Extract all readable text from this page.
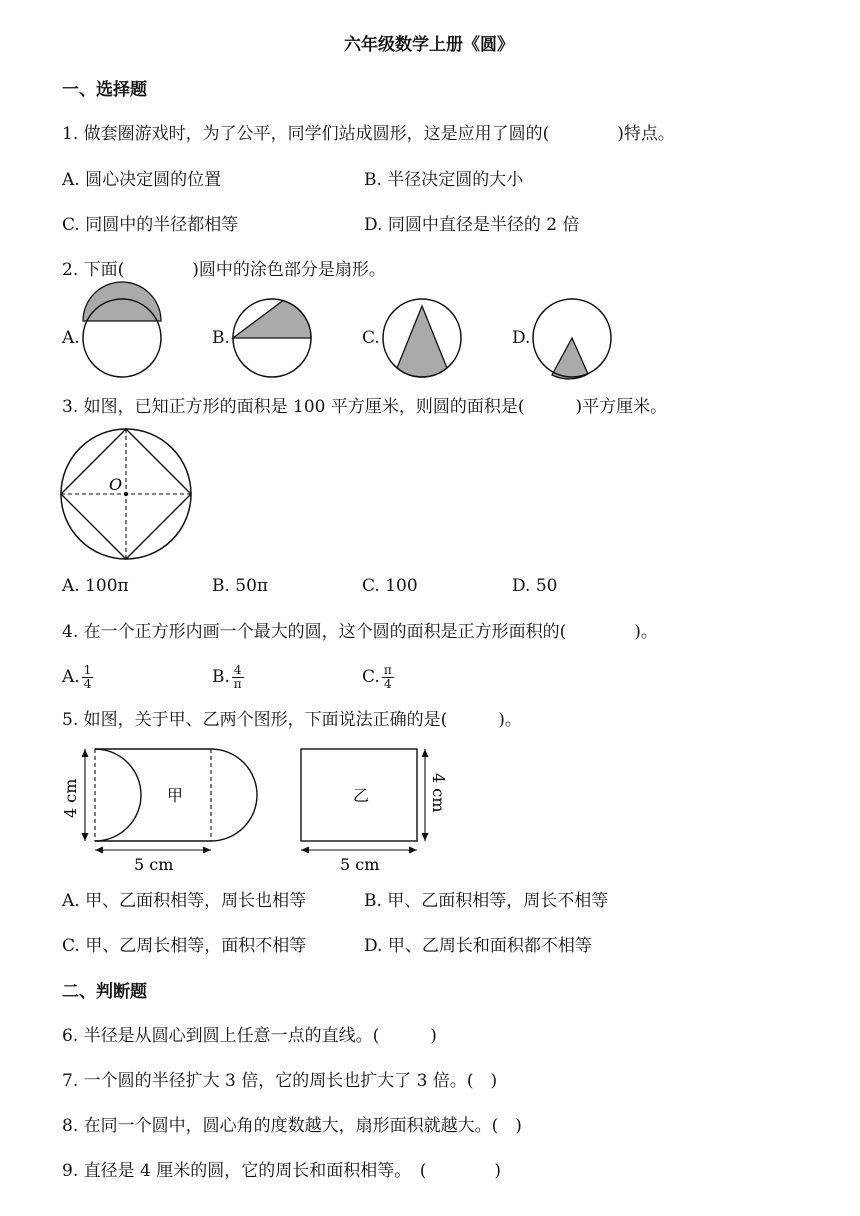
六年级数学上册《圆》
一、选择题
1. 做套圈游戏时，为了公平，同学们站成圆形，这是应用了圆的(　　　　)特点。
A. 圆心决定圆的位置	B. 半径决定圆的大小
C. 同圆中的半径都相等	D. 同圆中直径是半径的 2 倍
2. 下面(　　　　)圆中的涂色部分是扇形。
A.	B.	C.	D.
3. 如图，已知正方形的面积是 100 平方厘米，则圆的面积是(　　　)平方厘米。
O
A. 100π	B. 50π	C. 100	D. 50
4. 在一个正方形内画一个最大的圆，这个圆的面积是正方形面积的(　　　　)。
A. $\frac{1}{4}$	B. $\frac{4}{\pi}$	C. $\frac{\pi}{4}$
5. 如图，关于甲、乙两个图形，下面说法正确的是(　　　)。
4 cm	甲
5 cm
乙	4 cm
5 cm
A. 甲、乙面积相等，周长也相等	B. 甲、乙面积相等，周长不相等
C. 甲、乙周长相等，面积不相等	D. 甲、乙周长和面积都不相等
二、判断题
6. 半径是从圆心到圆上任意一点的直线。(　　　)
7. 一个圆的半径扩大 3 倍，它的周长也扩大了 3 倍。(　)
8. 在同一个圆中，圆心角的度数越大，扇形面积就越大。(　)
9. 直径是 4 厘米的圆，它的周长和面积相等。　(　　　　)
